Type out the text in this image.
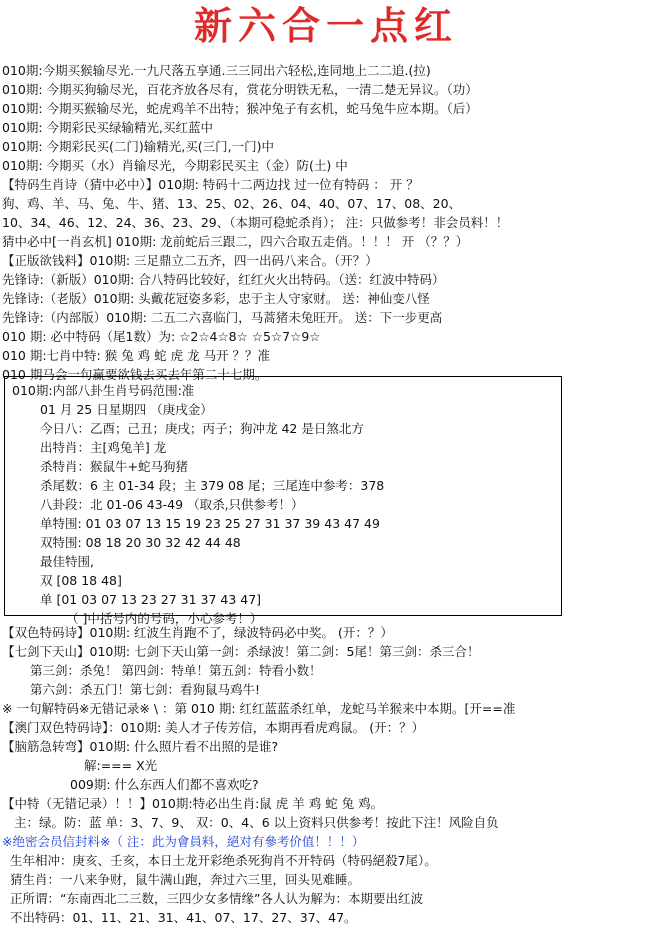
新六合一点红
010期:今期买猴输尽光.一九尺落五享通.三三同出六轻松,连同地上二二追.(拉)
010期: 今期买狗输尽光，百花齐放各尽有，赏花分明铁无私，一清二楚无异议。（功）
010期: 今期买猴输尽光，蛇虎鸡羊不出特；猴冲兔子有玄机，蛇马兔牛应本期。（后）
010期: 今期彩民买绿输精光,买红蓝中
010期: 今期彩民买(二门)输精光,买(三门,一门)中
010期: 今期买（水）肖输尽光，今期彩民买主（金）防(土) 中
【特码生肖诗（猜中必中）】010期: 特码十二两边找 过一位有特码 ： 开 ？
狗、鸡、羊、马、兔、牛、猪、13、25、02、26、04、40、07、17、08、20、
10、34、46、12、24、36、23、29、（本期可稳蛇杀肖）； 注：只做参考！非会员料！！
猜中必中[一肖玄机] 010期: 龙前蛇后三跟二，四六合取五走俏。！！！ 开 （？？）
【正版欲钱料】010期: 三足鼎立二五齐，四一出码八来合。（开？）
先锋诗:（新版）010期: 合八特码比较好，红红火火出特码。（送：红波中特码）
先锋诗:（老版）010期: 头戴花冠姿多彩，忠于主人守家财。 送：神仙变八怪
先锋诗:（内部版）010期: 二五二六喜临门，马蒿猪未兔旺开。 送：下一步更高
010 期: 必中特码（尾1数）为: ☆2☆4☆8☆ ☆5☆7☆9☆
010 期:七肖中特: 猴 兔 鸡 蛇 虎 龙 马开 ？？准
010 期马会一句赢要欲钱去买去年第二十七期。
010期:内部八卦生肖号码范围:准
01 月 25 日星期四 （庚戌金）
今日八：乙酉；己丑；庚戌；丙子；狗冲龙 42 是日煞北方
出特肖：主[鸡兔羊] 龙
杀特肖：猴鼠牛+蛇马狗猪
杀尾数：6 主 01-34 段；主 379 08 尾；三尾连中参考：378
八卦段：北 01-06 43-49 （取杀,只供参考！）
单特围: 01 03 07 13 15 19 23 25 27 31 37 39 43 47 49
双特围: 08 18 20 30 32 42 44 48
最佳特围,
双 [08 18 48]
单 [01 03 07 13 23 27 31 37 43 47]
（ ]中括号内的号码，小心参考！）
【双色特码诗】010期: 红波生肖跑不了，绿波特码必中奖。 (开：？）
【七剑下天山】010期: 七剑下天山第一剑：杀绿波！第二剑：5尾！第三剑：杀三合！
第三剑：杀兔！ 第四剑：特单！第五剑：特看小数！
第六剑：杀五门！第七剑：看狗鼠马鸡牛!
※ 一句解特码※无错记录※ \ ：第 010 期: 红红蓝蓝杀红单，龙蛇马羊猴来中本期。[开==准
【澳门双色特码诗】：010期: 美人才子传芳信，本期再看虎鸡鼠。 (开：？）
【脑筋急转弯】010期: 什么照片看不出照的是谁?
解:=== X光
009期: 什么东西人们都不喜欢吃?
【中特（无错记录）！！】010期:特必出生肖:鼠 虎 羊 鸡 蛇 兔 鸡。
主：绿。防：蓝 单：3、7、9、 双：0、4、6 以上资料只供参考！按此下注！风险自负
※绝密会员信封料※（ 注：此为會員料，絕对有參考价值！！！）
生年相冲：庚亥、壬亥，本日土龙开彩绝杀死狗肖不开特码（特码絕殺7尾）。
猜生肖：一八来争财，鼠牛满山跑，奔过六三里，回头见难睡。
正所谓：“东南西北二三数，三四少女多情缘”各人认为解为：本期要出红波
不出特码：01、11、21、31、41、07、17、27、37、47。
